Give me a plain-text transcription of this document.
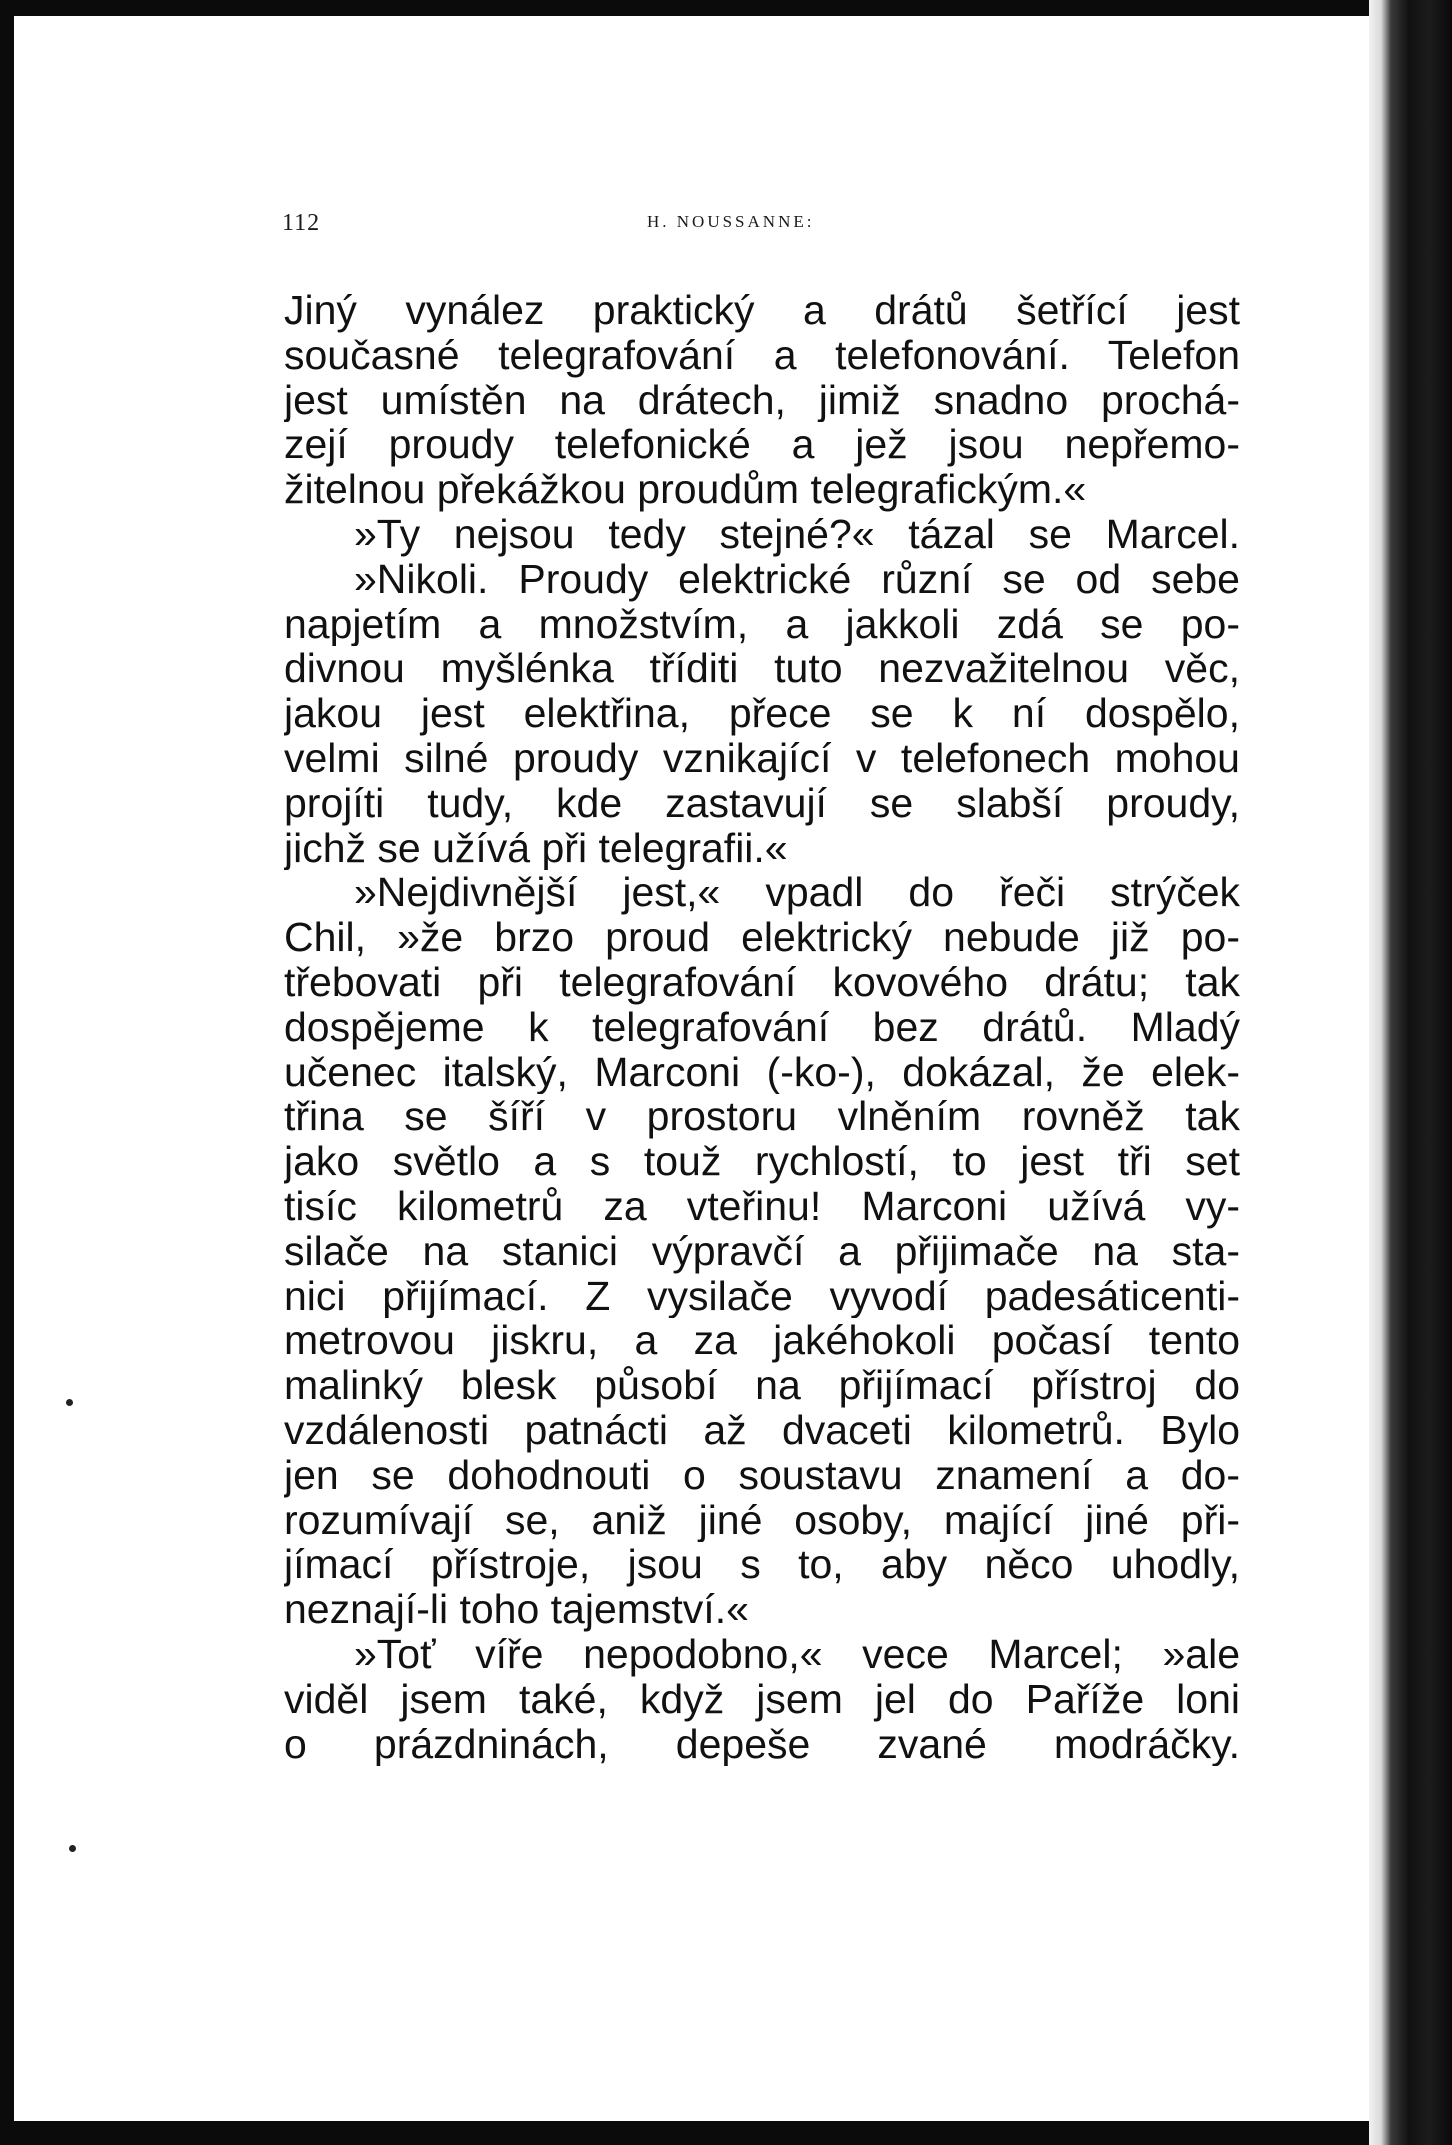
112	H. NOUSSANNE:
Jiný vynález praktický a drátů šetřící jest
současné telegrafování a telefonování. Telefon
jest umístěn na drátech, jimiž snadno prochá-
zejí proudy telefonické a jež jsou nepřemo-
žitelnou překážkou proudům telegrafickým.«
»Ty nejsou tedy stejné?« tázal se Marcel.
»Nikoli. Proudy elektrické různí se od sebe
napjetím a množstvím, a jakkoli zdá se po-
divnou myšlénka tříditi tuto nezvažitelnou věc,
jakou jest elektřina, přece se k ní dospělo,
velmi silné proudy vznikající v telefonech mohou
projíti tudy, kde zastavují se slabší proudy,
jichž se užívá při telegrafii.«
»Nejdivnější jest,« vpadl do řeči strýček
Chil, »že brzo proud elektrický nebude již po-
třebovati při telegrafování kovového drátu; tak
dospějeme k telegrafování bez drátů. Mladý
učenec italský, Marconi (-ko-), dokázal, že elek-
třina se šíří v prostoru vlněním rovněž tak
jako světlo a s touž rychlostí, to jest tři set
tisíc kilometrů za vteřinu! Marconi užívá vy-
silače na stanici výpravčí a přijimače na sta-
nici přijímací. Z vysilače vyvodí padesáticenti-
metrovou jiskru, a za jakéhokoli počasí tento
malinký blesk působí na přijímací přístroj do
vzdálenosti patnácti až dvaceti kilometrů. Bylo
jen se dohodnouti o soustavu znamení a do-
rozumívají se, aniž jiné osoby, mající jiné při-
jímací přístroje, jsou s to, aby něco uhodly,
neznají-li toho tajemství.«
»Toť víře nepodobno,« vece Marcel; »ale
viděl jsem také, když jsem jel do Paříže loni
o prázdninách, depeše zvané modráčky.
